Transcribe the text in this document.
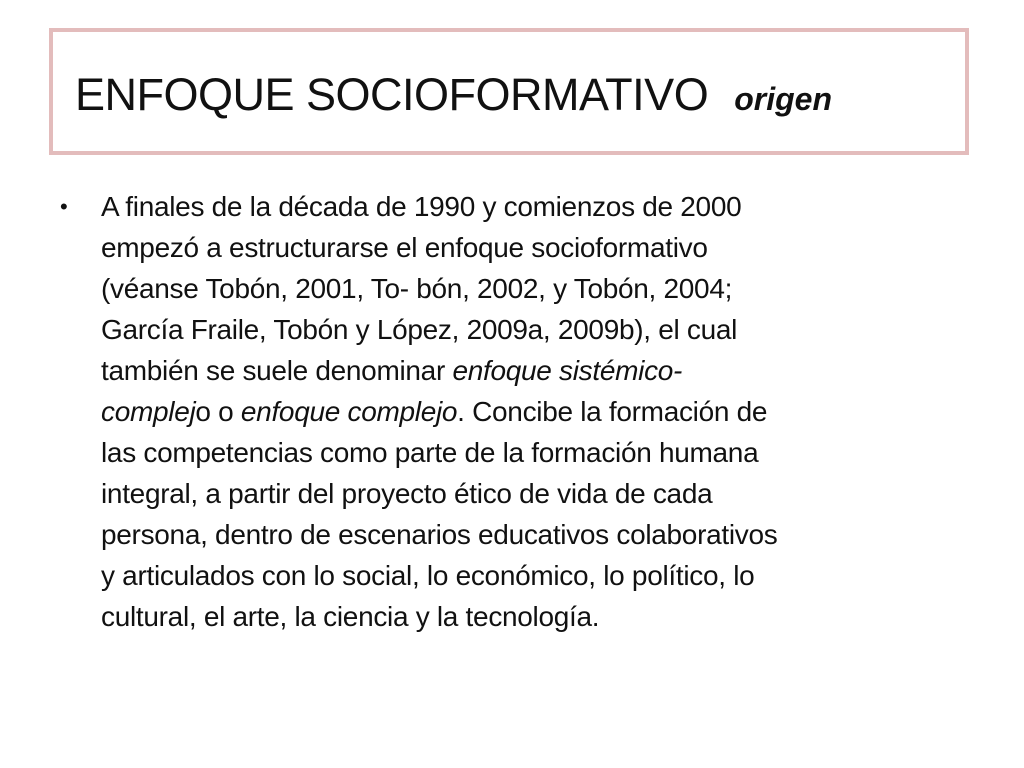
ENFOQUE SOCIOFORMATIVO origen
• A finales de la década de 1990 y comienzos de 2000
empezó a estructurarse el enfoque socioformativo
(véanse Tobón, 2001, To- bón, 2002, y Tobón, 2004;
García Fraile, Tobón y López, 2009a, 2009b), el cual
también se suele denominar enfoque sistémico-
complejo o enfoque complejo. Concibe la formación de
las competencias como parte de la formación humana
integral, a partir del proyecto ético de vida de cada
persona, dentro de escenarios educativos colaborativos
y articulados con lo social, lo económico, lo político, lo
cultural, el arte, la ciencia y la tecnología.
